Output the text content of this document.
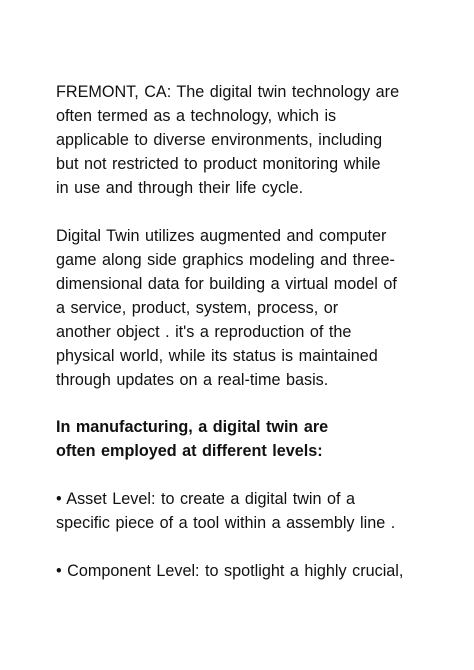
FREMONT, CA: The digital twin technology are
often termed as a technology, which is
applicable to diverse environments, including
but not restricted to product monitoring while
in use and through their life cycle.
Digital Twin utilizes augmented and computer
game along side graphics modeling and three-
dimensional data for building a virtual model of
a service, product, system, process, or
another object . it's a reproduction of the
physical world, while its status is maintained
through updates on a real-time basis.
In manufacturing, a digital twin are
often employed at different levels:
• Asset Level: to create a digital twin of a
specific piece of a tool within a assembly line .
• Component Level: to spotlight a highly crucial,
